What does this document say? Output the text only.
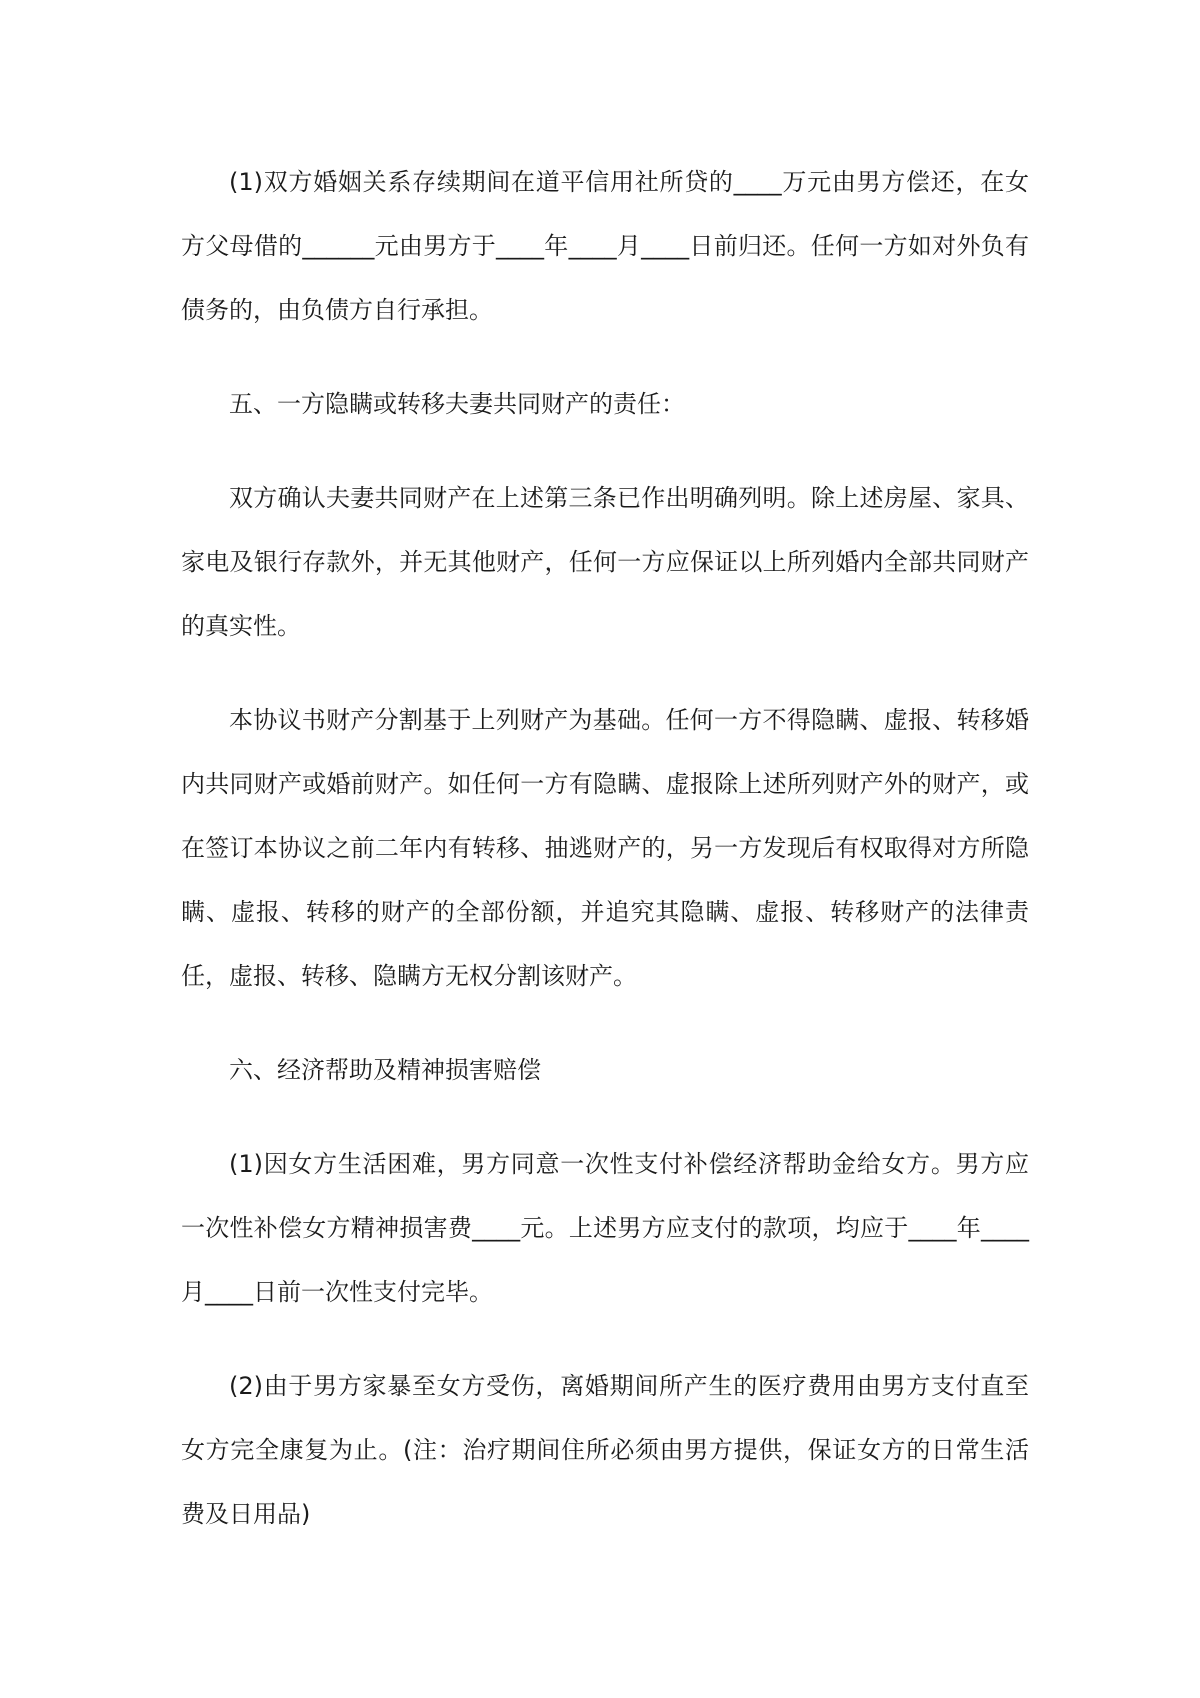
(1)双方婚姻关系存续期间在道平信用社所贷的____万元由男方偿还，在女方父母借的______元由男方于____年____月____日前归还。任何一方如对外负有债务的，由负债方自行承担。

五、一方隐瞒或转移夫妻共同财产的责任：

双方确认夫妻共同财产在上述第三条已作出明确列明。除上述房屋、家具、家电及银行存款外，并无其他财产，任何一方应保证以上所列婚内全部共同财产的真实性。

本协议书财产分割基于上列财产为基础。任何一方不得隐瞒、虚报、转移婚内共同财产或婚前财产。如任何一方有隐瞒、虚报除上述所列财产外的财产，或在签订本协议之前二年内有转移、抽逃财产的，另一方发现后有权取得对方所隐瞒、虚报、转移的财产的全部份额，并追究其隐瞒、虚报、转移财产的法律责任，虚报、转移、隐瞒方无权分割该财产。

六、经济帮助及精神损害赔偿

(1)因女方生活困难，男方同意一次性支付补偿经济帮助金给女方。男方应一次性补偿女方精神损害费____元。上述男方应支付的款项，均应于____年____月____日前一次性支付完毕。

(2)由于男方家暴至女方受伤，离婚期间所产生的医疗费用由男方支付直至女方完全康复为止。(注：治疗期间住所必须由男方提供，保证女方的日常生活费及日用品)
